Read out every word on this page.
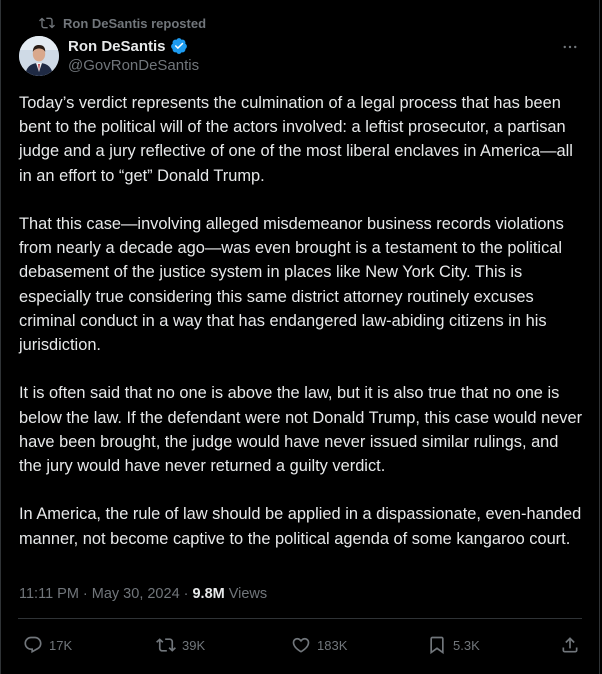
Ron DeSantis reposted
Ron DeSantis
@GovRonDeSantis

Today’s verdict represents the culmination of a legal process that has been bent to the political will of the actors involved: a leftist prosecutor, a partisan judge and a jury reflective of one of the most liberal enclaves in America—all in an effort to “get” Donald Trump.

That this case—involving alleged misdemeanor business records violations from nearly a decade ago—was even brought is a testament to the political debasement of the justice system in places like New York City. This is especially true considering this same district attorney routinely excuses criminal conduct in a way that has endangered law-abiding citizens in his jurisdiction.

It is often said that no one is above the law, but it is also true that no one is below the law. If the defendant were not Donald Trump, this case would never have been brought, the judge would have never issued similar rulings, and the jury would have never returned a guilty verdict.

In America, the rule of law should be applied in a dispassionate, even-handed manner, not become captive to the political agenda of some kangaroo court.

11:11 PM · May 30, 2024 · 9.8M Views
17K	39K	183K	5.3K
